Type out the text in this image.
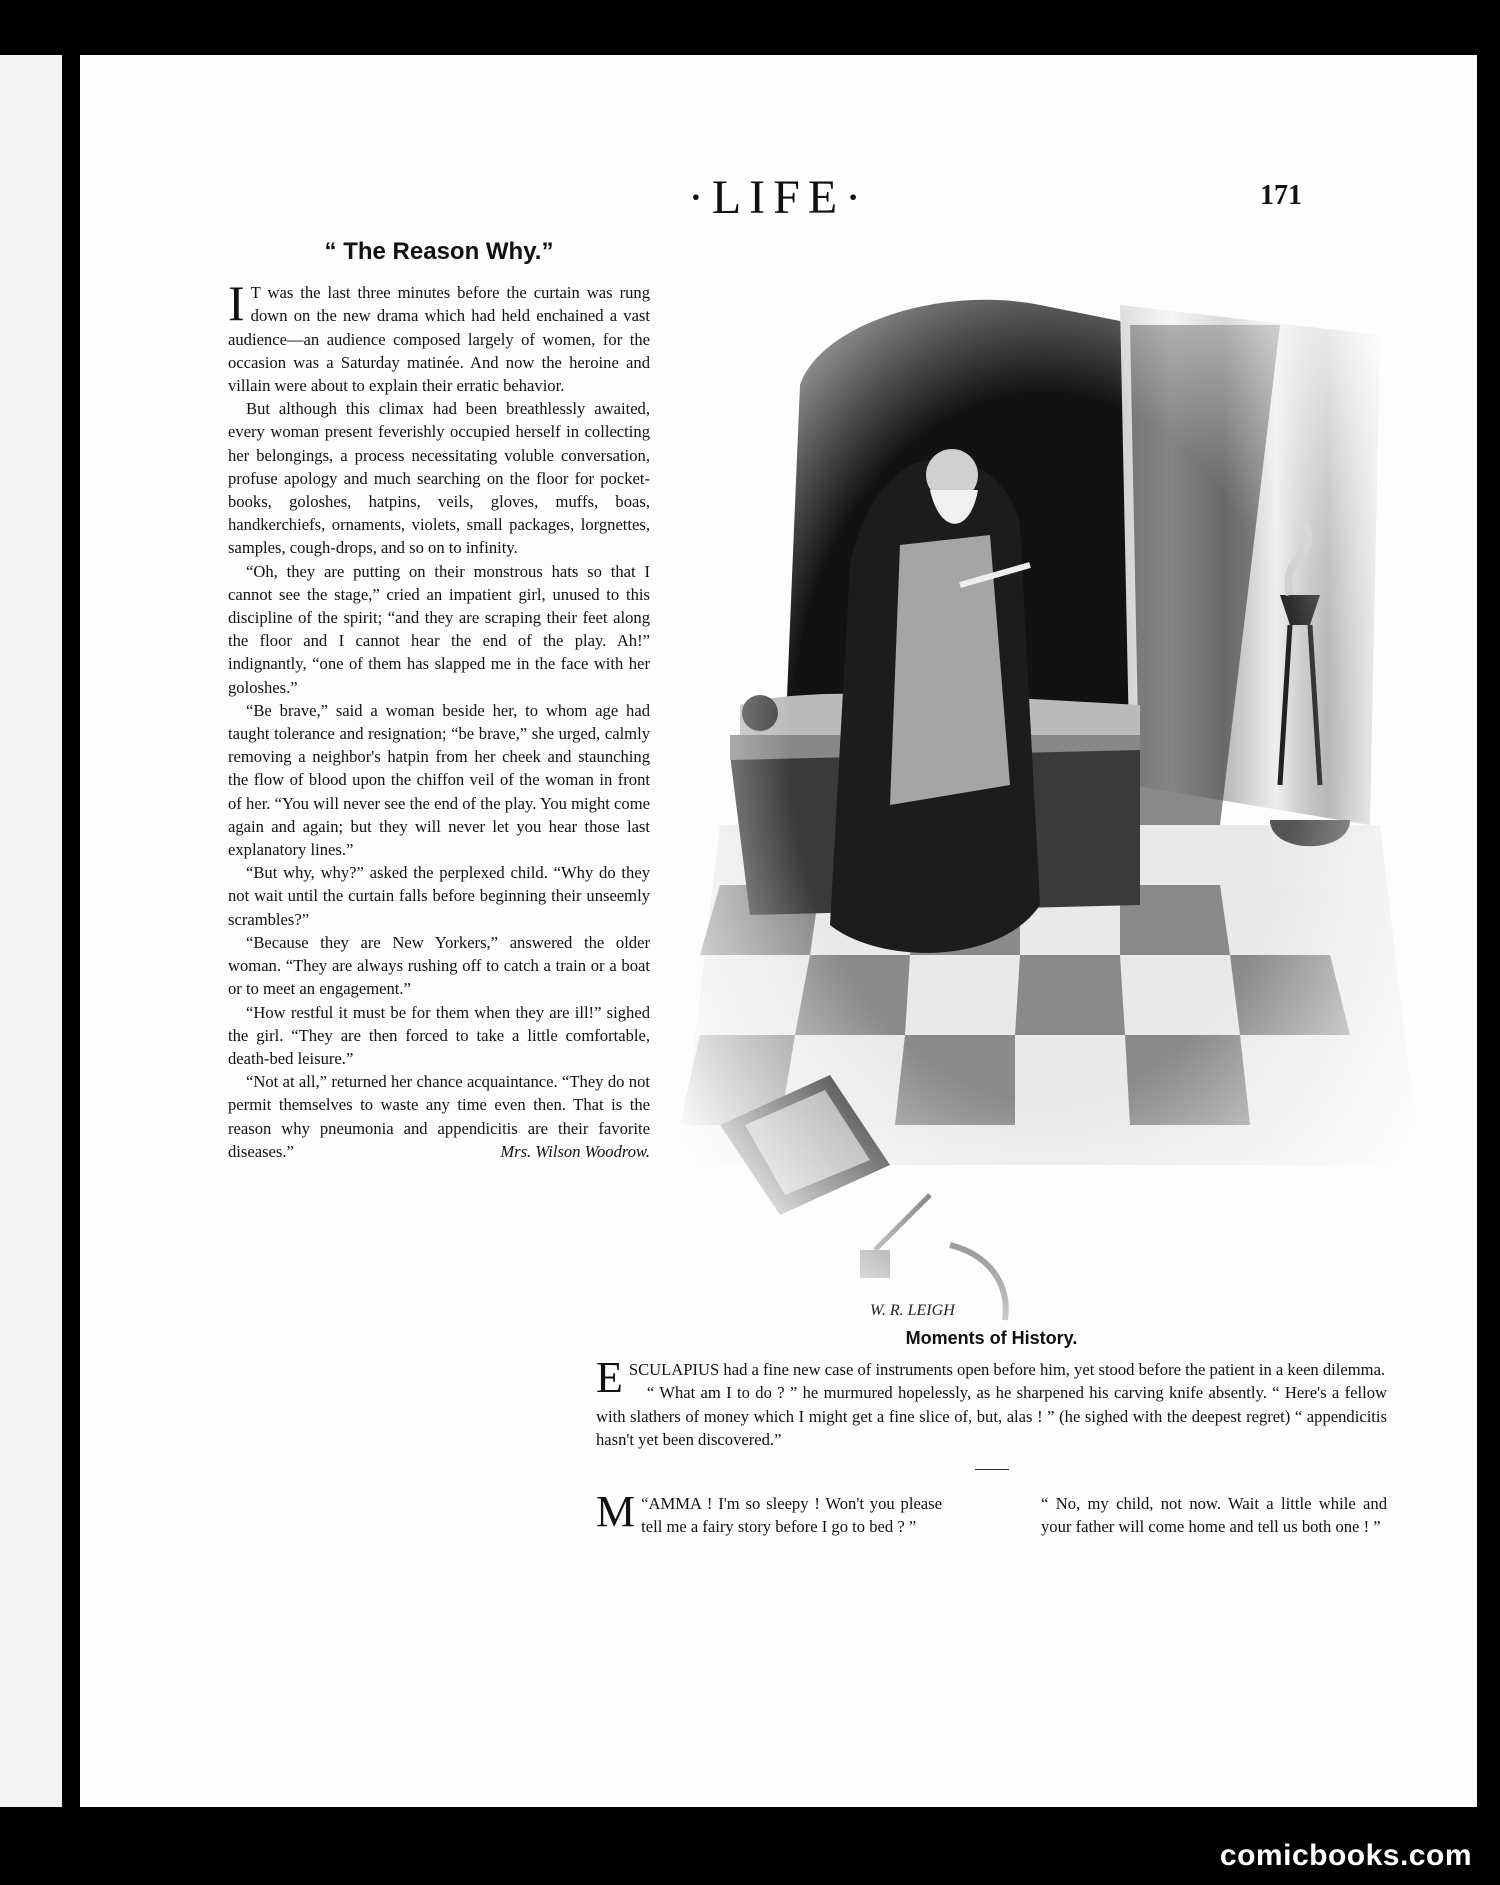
·LIFE·	171
“ The Reason Why.”

I T was the last three minutes before the curtain was rung down on the new drama which had held enchained a vast audience—an audience composed largely of women, for the occasion was a Saturday matinée. And now the heroine and villain were about to explain their erratic behavior.

But although this climax had been breathlessly awaited, every woman present feverishly occupied herself in collecting her belongings, a process necessitating voluble conversation, profuse apology and much searching on the floor for pocket-books, goloshes, hatpins, veils, gloves, muffs, boas, handkerchiefs, ornaments, violets, small packages, lorgnettes, samples, cough-drops, and so on to infinity.

“Oh, they are putting on their monstrous hats so that I cannot see the stage,” cried an impatient girl, unused to this discipline of the spirit; “and they are scraping their feet along the floor and I cannot hear the end of the play. Ah!” indignantly, “one of them has slapped me in the face with her goloshes.”

“Be brave,” said a woman beside her, to whom age had taught tolerance and resignation; “be brave,” she urged, calmly removing a neighbor's hatpin from her cheek and staunching the flow of blood upon the chiffon veil of the woman in front of her. “You will never see the end of the play. You might come again and again; but they will never let you hear those last explanatory lines.”

“But why, why?” asked the perplexed child. “Why do they not wait until the curtain falls before beginning their unseemly scrambles?”

“Because they are New Yorkers,” answered the older woman. “They are always rushing off to catch a train or a boat or to meet an engagement.”

“How restful it must be for them when they are ill!” sighed the girl. “They are then forced to take a little comfortable, death-bed leisure.”

“Not at all,” returned her chance acquaintance. “They do not permit themselves to waste any time even then. That is the reason why pneumonia and appendicitis are their favorite diseases.”	Mrs. Wilson Woodrow.

W. R. LEIGH
Moments of History.

ESCULAPIUS had a fine new case of instruments open before him, yet stood before the patient in a keen dilemma.

“ What am I to do ? ” he murmured hopelessly, as he sharpened his carving knife absently. “ Here's a fellow with slathers of money which I might get a fine slice of, but, alas ! ” (he sighed with the deepest regret) “ appendicitis hasn't yet been discovered.”

“
M AMMA ! I'm so sleepy ! Won't you please tell me a fairy story before I go to bed ? ”

“ No, my child, not now. Wait a little while and your father will come home and tell us both one ! ”

comicbooks.com
